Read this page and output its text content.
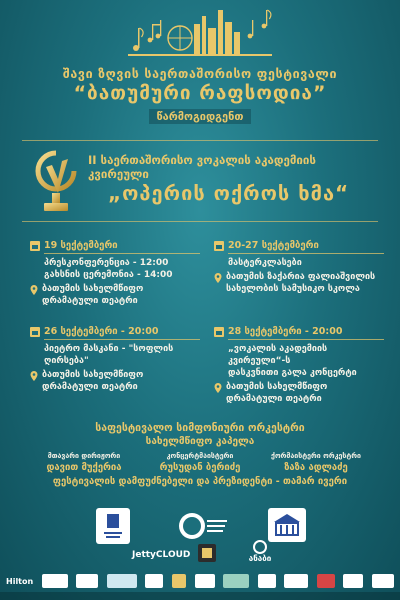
შავი ზღვის საერთაშორისო ფესტივალი
“ბათუმური რაფსოდია”
წარმოგიდგენთ
II საერთაშორისო ვოკალის აკადემიის კვირეული
„ოპერის ოქროს ხმა“
19 სექტემბერი
პრესკონფერენცია - 12:00
გახსნის ცერემონია - 14:00
ბათუმის სახელმწიფო
დრამატული თეატრი
20-27 სექტემბერი
მასტერკლასები
ბათუმის ზაქარია ფალიაშვილის
სახელობის სამუსიკო სკოლა
26 სექტემბერი - 20:00
პიეტრო მასკანი - "სოფლის ღირსება"
ბათუმის სახელმწიფო
დრამატული თეატრი
28 სექტემბერი - 20:00
„ვოკალის აკადემიის კვირეული“-ს
დასკვნითი გალა კონცერტი
ბათუმის სახელმწიფო
დრამატული თეატრი
საფესტივალო სიმფონიური ორკესტრი
სახელმწიფო კაპელა
მთავარი დირიჟორი
დავით მუქერია
კონცერტმაისტერი
რუსუდან ბერიძე
ქორმაისტერი ორკესტრი
ზაზა ადლაძე
ფესტივალის დამფუძნებელი და პრეზიდენტი - თამარ ივერი
JettyCLOUD	ანაბი
Hilton
